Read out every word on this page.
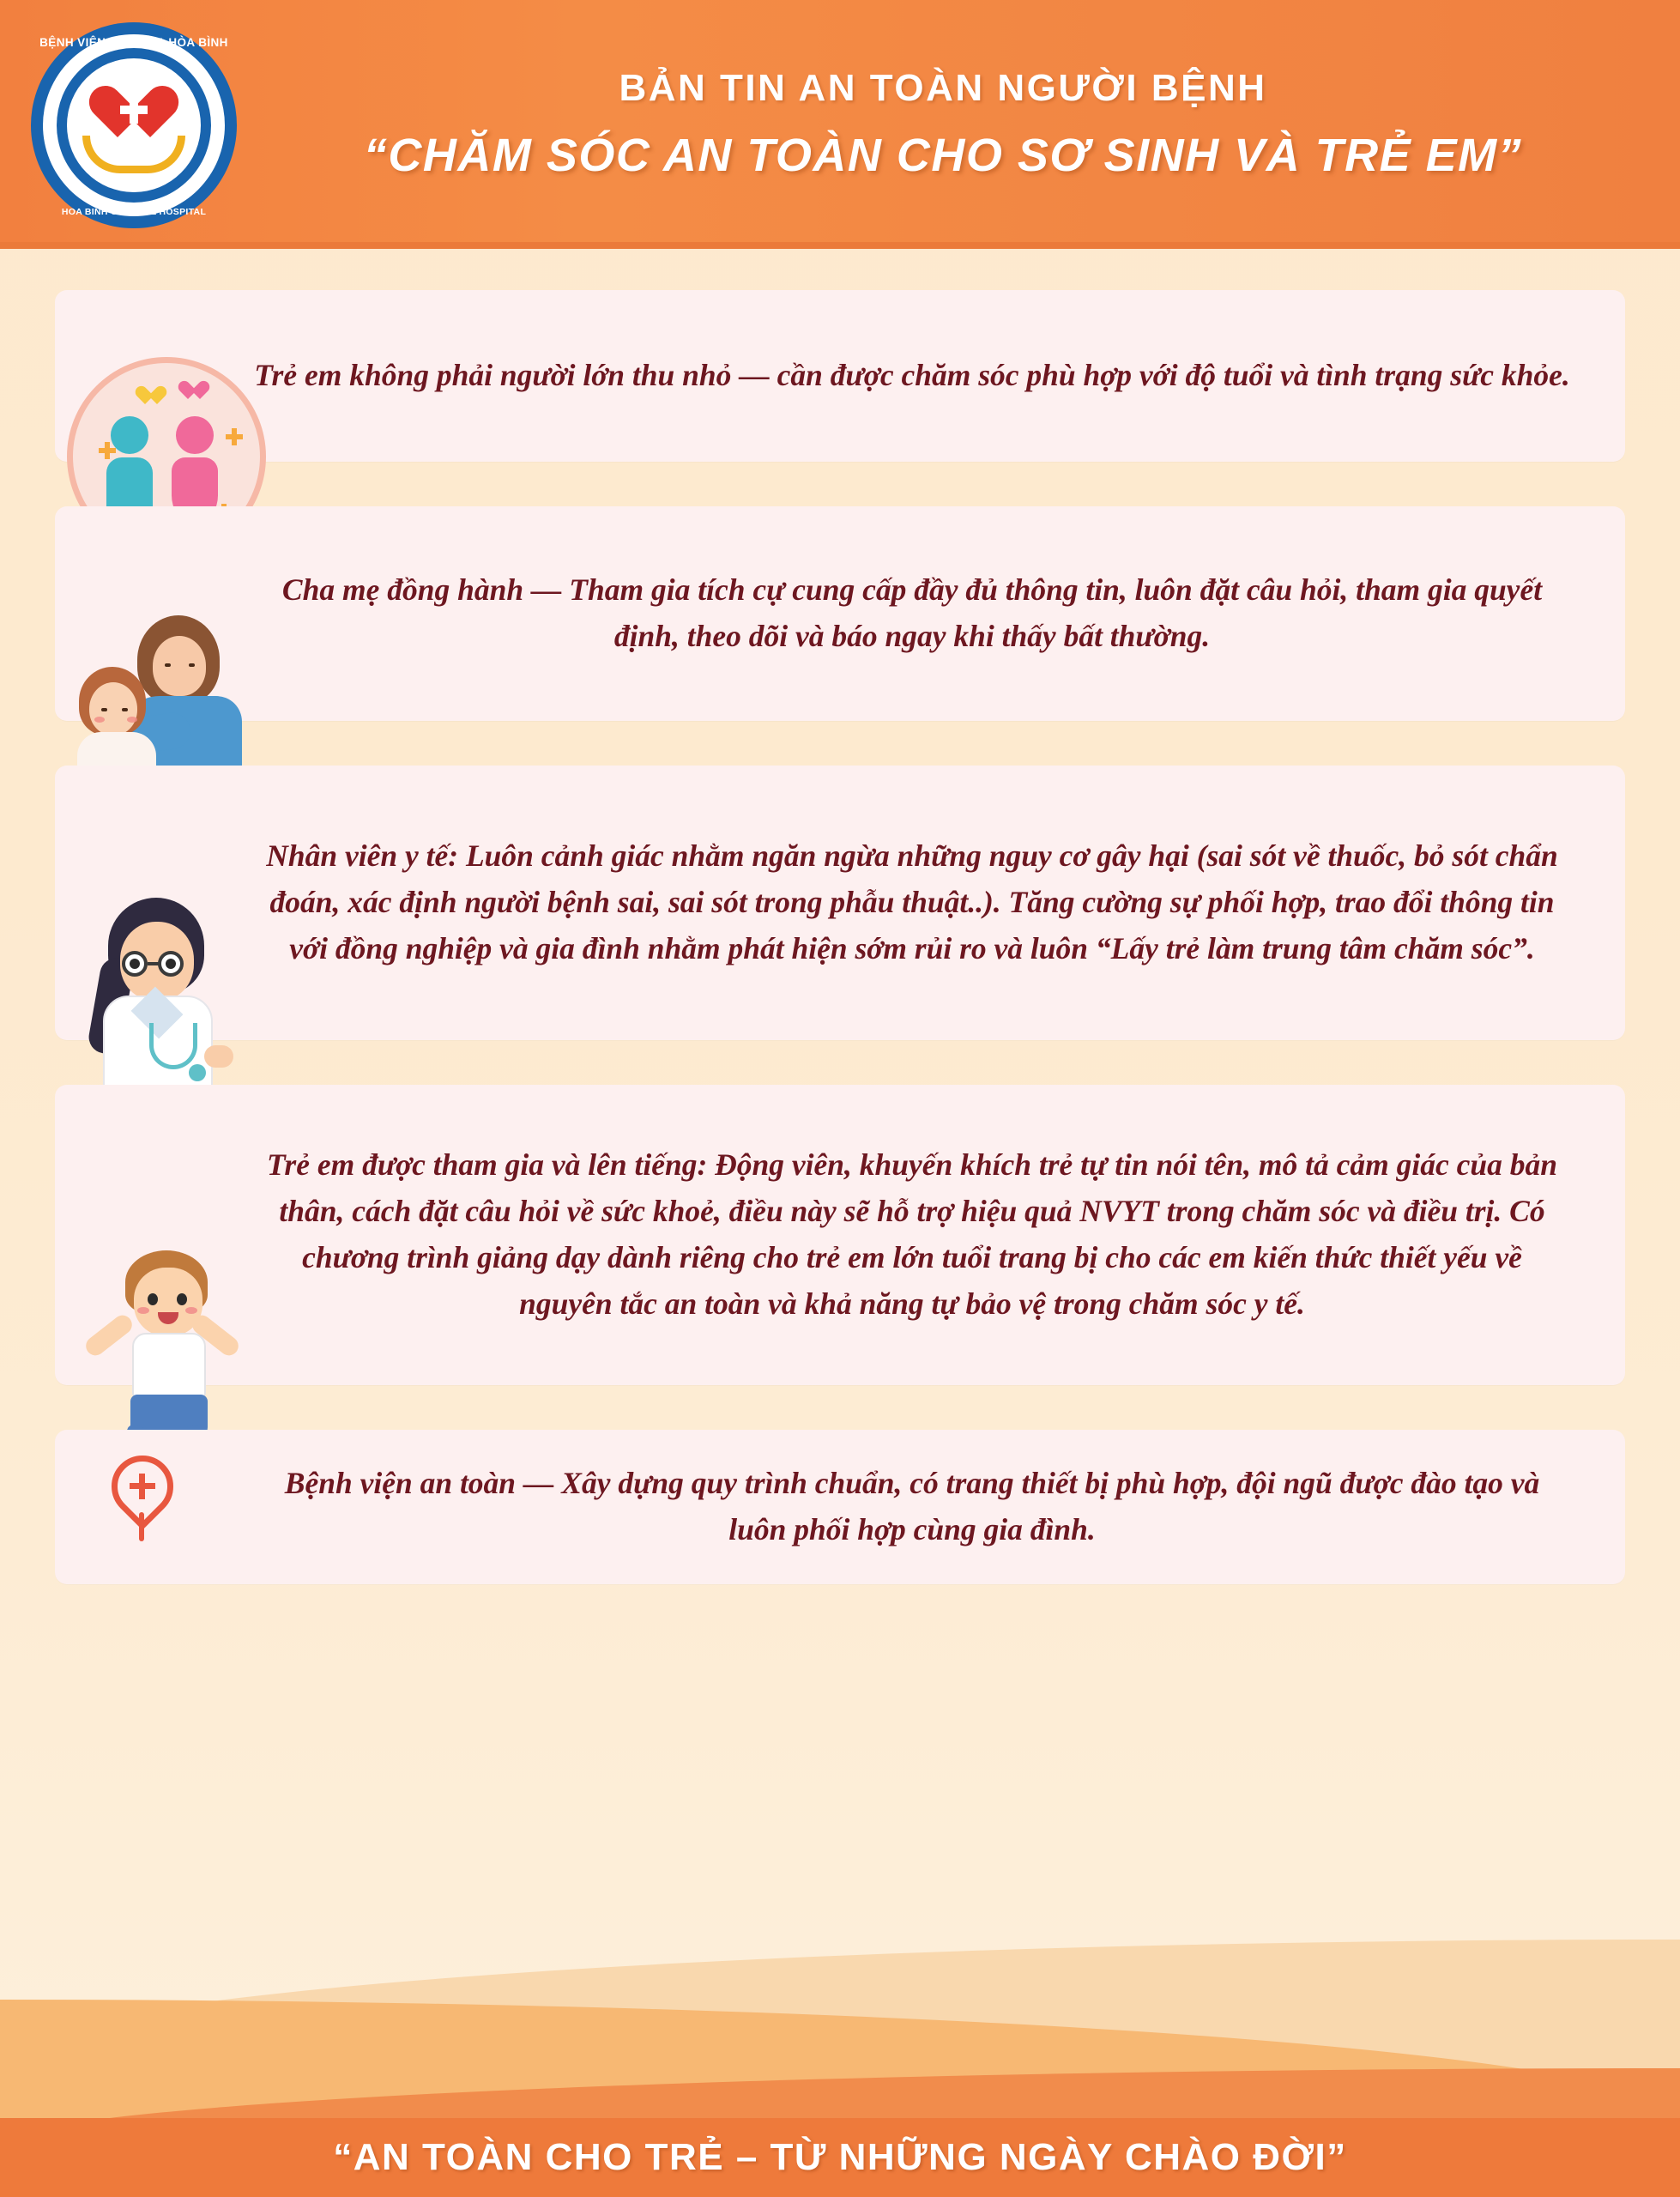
BỆNH VIỆN ĐA KHOA HÒA BÌNH
HOA BINH GENERAL HOSPITAL
BẢN TIN AN TOÀN NGƯỜI BỆNH
“CHĂM SÓC AN TOÀN CHO SƠ SINH VÀ TRẺ EM”
Trẻ em không phải người lớn thu nhỏ — cần được chăm sóc phù hợp với độ tuổi và tình trạng sức khỏe.
Cha mẹ đồng hành — Tham gia tích cự cung cấp đầy đủ thông tin, luôn đặt câu hỏi, tham gia quyết định, theo dõi và báo ngay khi thấy bất thường.
Nhân viên y tế: Luôn cảnh giác nhằm ngăn ngừa những nguy cơ gây hại (sai sót về thuốc, bỏ sót chẩn đoán, xác định người bệnh sai, sai sót trong phẫu thuật..). Tăng cường sự phối hợp, trao đổi thông tin với đồng nghiệp và gia đình nhằm phát hiện sớm rủi ro và luôn “Lấy trẻ làm trung tâm chăm sóc”.
Trẻ em được tham gia và lên tiếng: Động viên, khuyến khích trẻ tự tin nói tên, mô tả cảm giác của bản thân, cách đặt câu hỏi về sức khoẻ, điều này sẽ hỗ trợ hiệu quả NVYT trong chăm sóc và điều trị. Có chương trình giảng dạy dành riêng cho trẻ em lớn tuổi trang bị cho các em kiến thức thiết yếu về nguyên tắc an toàn và khả năng tự bảo vệ trong chăm sóc y tế.
Bệnh viện an toàn — Xây dựng quy trình chuẩn, có trang thiết bị phù hợp, đội ngũ được đào tạo và luôn phối hợp cùng gia đình.
“AN TOÀN CHO TRẺ – TỪ NHỮNG NGÀY CHÀO ĐỜI”
